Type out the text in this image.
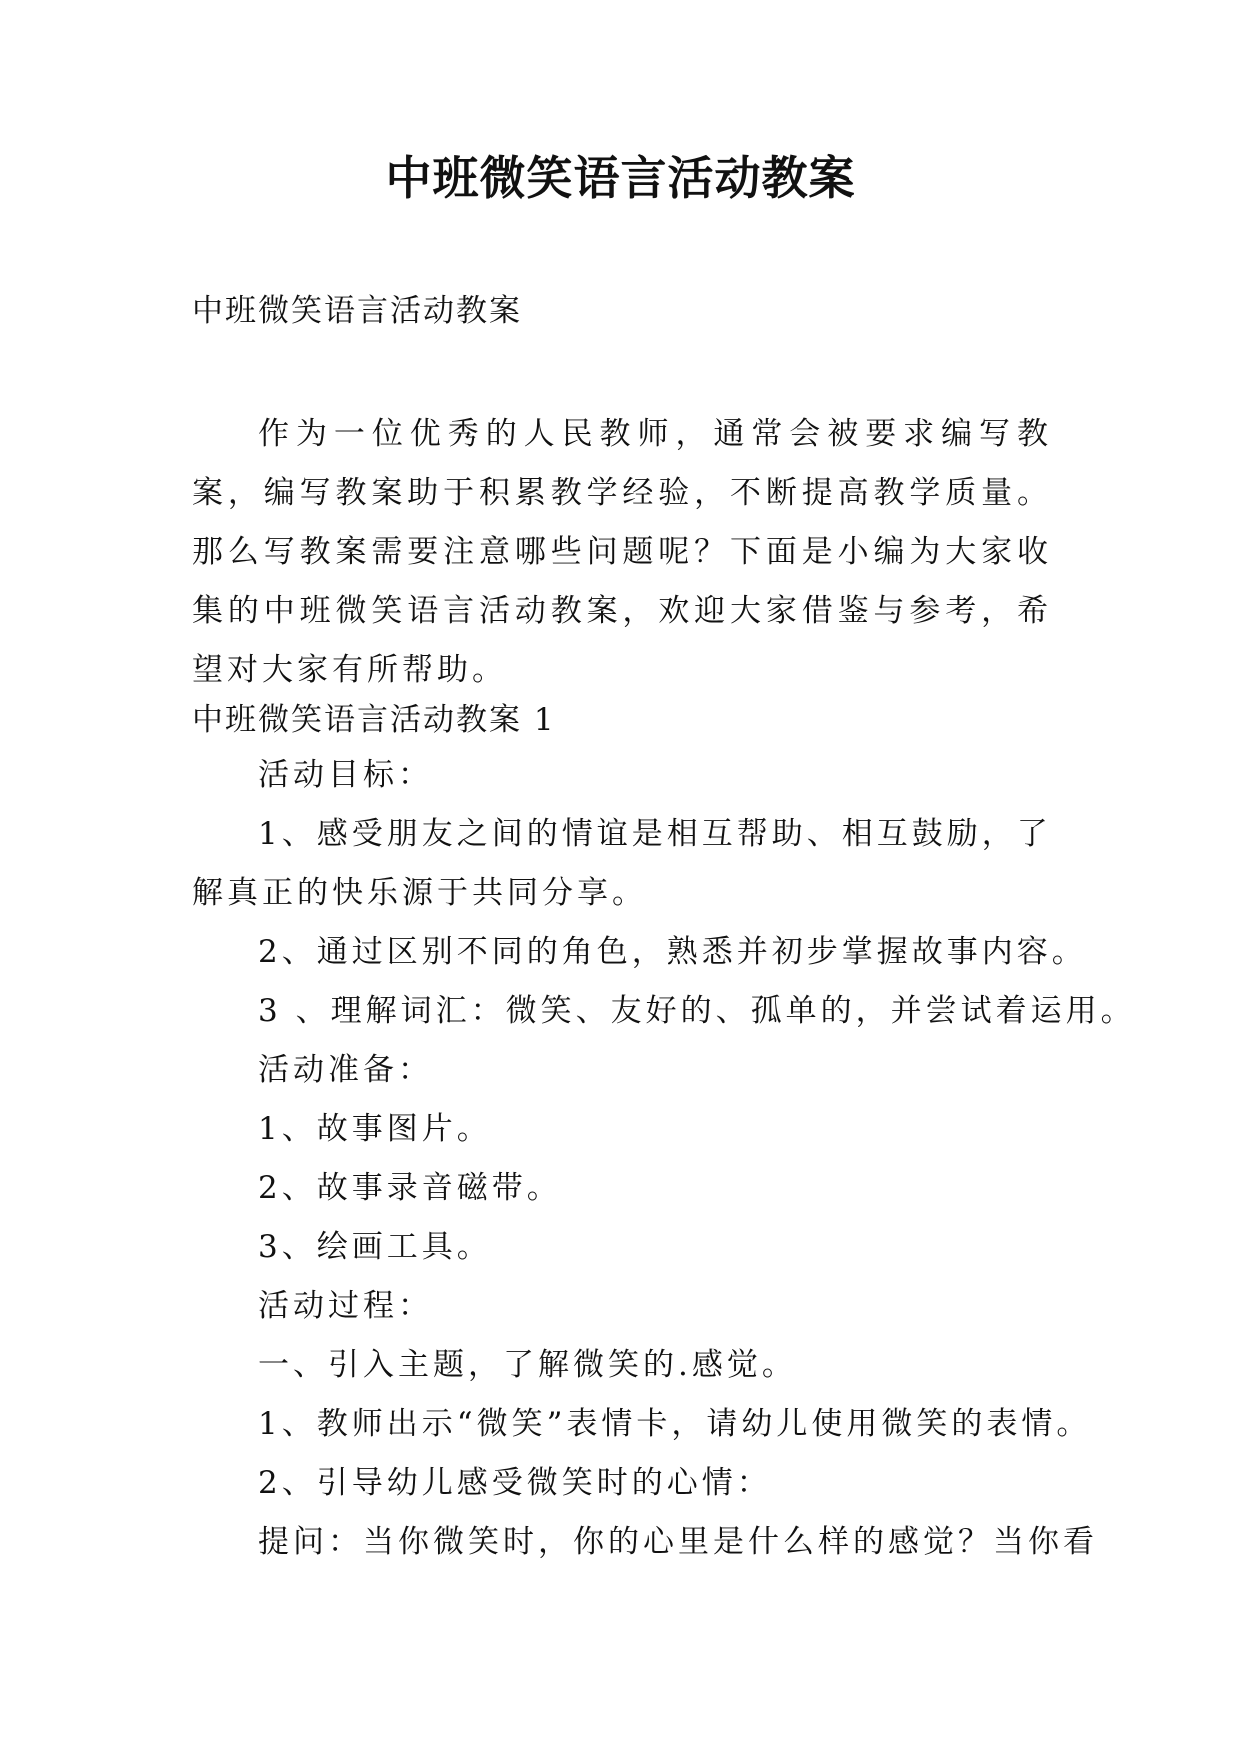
中班微笑语言活动教案
中班微笑语言活动教案
作为一位优秀的人民教师，通常会被要求编写教案，编写教案助于积累教学经验，不断提高教学质量。那么写教案需要注意哪些问题呢？下面是小编为大家收集的中班微笑语言活动教案，欢迎大家借鉴与参考，希望对大家有所帮助。
中班微笑语言活动教案 1

活动目标：

1、感受朋友之间的情谊是相互帮助、相互鼓励，了解真正的快乐源于共同分享。

2、通过区别不同的角色，熟悉并初步掌握故事内容。

3 、理解词汇：微笑、友好的、孤单的，并尝试着运用。

活动准备：

1、故事图片。

2、故事录音磁带。

3、绘画工具。

活动过程：

一、引入主题，了解微笑的.感觉。

1、教师出示“微笑”表情卡，请幼儿使用微笑的表情。

2、引导幼儿感受微笑时的心情：

提问：当你微笑时，你的心里是什么样的感觉？当你看
